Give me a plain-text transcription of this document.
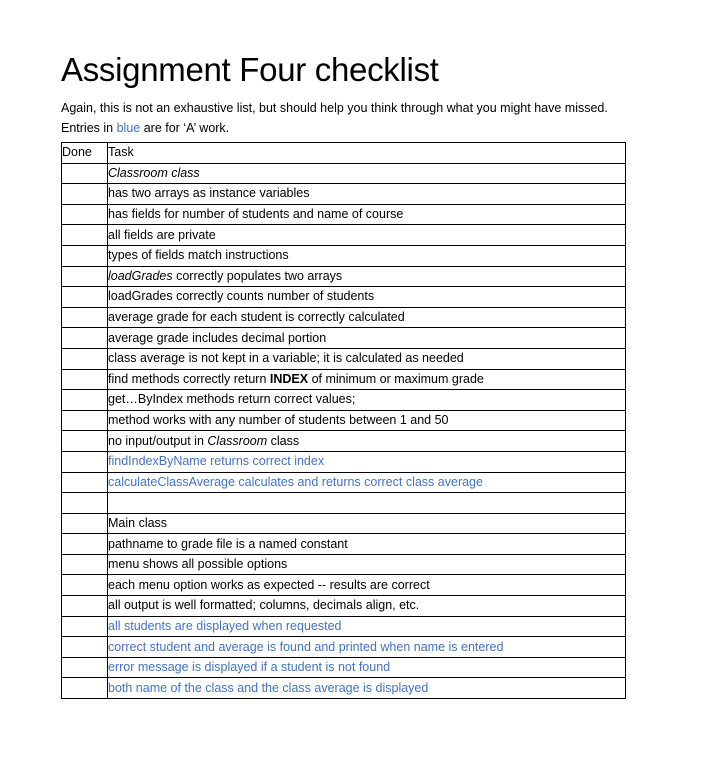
Assignment Four checklist

Again, this is not an exhaustive list, but should help you think through what you might have missed.

Entries in blue are for ‘A’ work.

Done	Task
	Classroom class
	has two arrays as instance variables
	has fields for number of students and name of course
	all fields are private
	types of fields match instructions
	loadGrades correctly populates two arrays
	loadGrades correctly counts number of students
	average grade for each student is correctly calculated
	average grade includes decimal portion
	class average is not kept in a variable; it is calculated as needed
	find methods correctly return INDEX of minimum or maximum grade
	get…ByIndex methods return correct values;
	method works with any number of students between 1 and 50
	no input/output in Classroom class
	findIndexByName returns correct index
	calculateClassAverage calculates and returns correct class average

	Main class
	pathname to grade file is a named constant
	menu shows all possible options
	each menu option works as expected -- results are correct
	all output is well formatted; columns, decimals align, etc.
	all students are displayed when requested
	correct student and average is found and printed when name is entered
	error message is displayed if a student is not found
	both name of the class and the class average is displayed
